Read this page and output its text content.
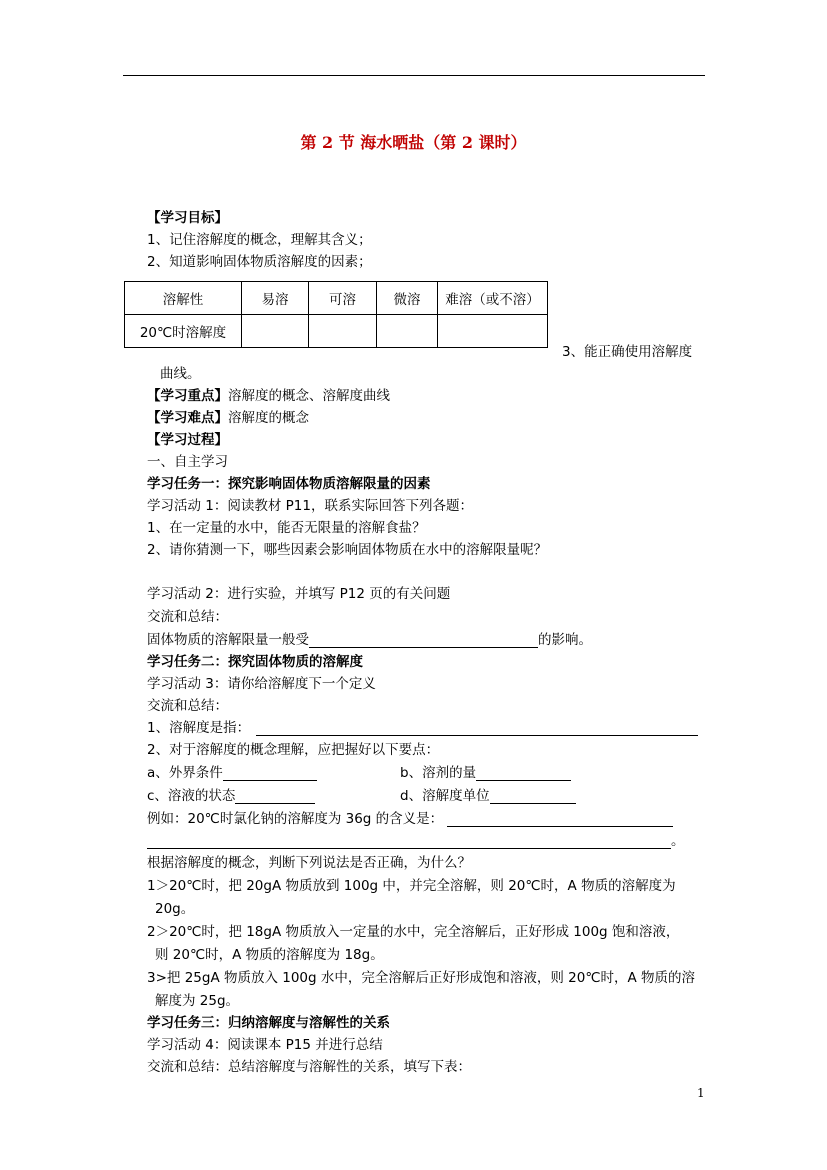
第 2 节 海水晒盐（第 2 课时）
【学习目标】
1、记住溶解度的概念，理解其含义；
2、知道影响固体物质溶解度的因素；
溶解性	易溶	可溶	微溶	难溶（或不溶）
20℃时溶解度				
3、能正确使用溶解度
曲线。
【学习重点】溶解度的概念、溶解度曲线
【学习难点】溶解度的概念
【学习过程】
一、自主学习
学习任务一：探究影响固体物质溶解限量的因素
学习活动 1：阅读教材 P11，联系实际回答下列各题：
1、在一定量的水中，能否无限量的溶解食盐？
2、请你猜测一下，哪些因素会影响固体物质在水中的溶解限量呢？
学习活动 2：进行实验，并填写 P12 页的有关问题
交流和总结：
固体物质的溶解限量一般受	的影响。
学习任务二：探究固体物质的溶解度
学习活动 3：请你给溶解度下一个定义
交流和总结：
1、溶解度是指：
2、对于溶解度的概念理解，应把握好以下要点：
a、外界条件	b、溶剂的量
c、溶液的状态	d、溶解度单位
例如：20℃时氯化钠的溶解度为 36g 的含义是：
。
根据溶解度的概念，判断下列说法是否正确，为什么？
1＞20℃时，把 20gA 物质放到 100g 中，并完全溶解，则 20℃时，A 物质的溶解度为
20g。
2＞20℃时，把 18gA 物质放入一定量的水中，完全溶解后，正好形成 100g 饱和溶液，
则 20℃时，A 物质的溶解度为 18g。
3>把 25gA 物质放入 100g 水中，完全溶解后正好形成饱和溶液，则 20℃时，A 物质的溶
解度为 25g。
学习任务三：归纳溶解度与溶解性的关系
学习活动 4：阅读课本 P15 并进行总结
交流和总结：总结溶解度与溶解性的关系，填写下表：
1
